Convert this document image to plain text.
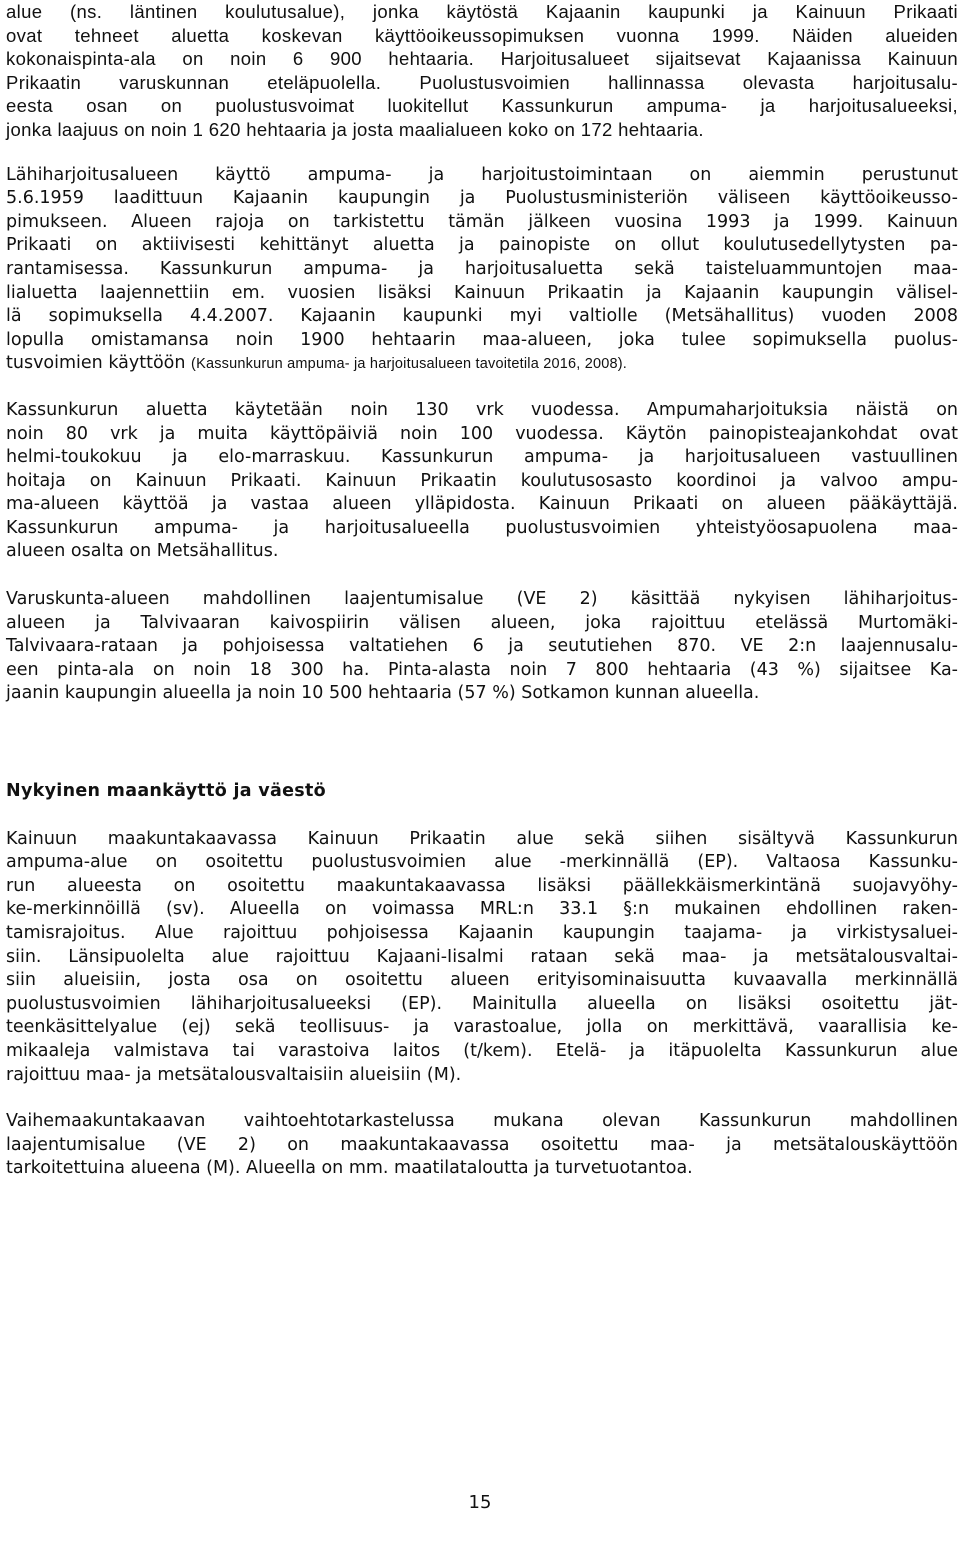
alue (ns. läntinen koulutusalue), jonka käytöstä Kajaanin kaupunki ja Kainuun Prikaati
ovat tehneet aluetta koskevan käyttöoikeussopimuksen vuonna 1999. Näiden alueiden
kokonaispinta-ala on noin 6 900 hehtaaria. Harjoitusalueet sijaitsevat Kajaanissa Kainuun
Prikaatin varuskunnan eteläpuolella. Puolustusvoimien hallinnassa olevasta harjoitusalu-
eesta osan on puolustusvoimat luokitellut Kassunkurun ampuma- ja harjoitusalueeksi,
jonka laajuus on noin 1 620 hehtaaria ja josta maalialueen koko on 172 hehtaaria.
Lähiharjoitusalueen käyttö ampuma- ja harjoitustoimintaan on aiemmin perustunut
5.6.1959 laadittuun Kajaanin kaupungin ja Puolustusministeriön väliseen käyttöoikeusso-
pimukseen. Alueen rajoja on tarkistettu tämän jälkeen vuosina 1993 ja 1999. Kainuun
Prikaati on aktiivisesti kehittänyt aluetta ja painopiste on ollut koulutusedellytysten pa-
rantamisessa. Kassunkurun ampuma- ja harjoitusaluetta sekä taisteluammuntojen maa-
lialuetta laajennettiin em. vuosien lisäksi Kainuun Prikaatin ja Kajaanin kaupungin välisel-
lä sopimuksella 4.4.2007. Kajaanin kaupunki myi valtiolle (Metsähallitus) vuoden 2008
lopulla omistamansa noin 1900 hehtaarin maa-alueen, joka tulee sopimuksella puolus-
tusvoimien käyttöön (Kassunkurun ampuma- ja harjoitusalueen tavoitetila 2016, 2008).
Kassunkurun aluetta käytetään noin 130 vrk vuodessa. Ampumaharjoituksia näistä on
noin 80 vrk ja muita käyttöpäiviä noin 100 vuodessa. Käytön painopisteajankohdat ovat
helmi-toukokuu ja elo-marraskuu. Kassunkurun ampuma- ja harjoitusalueen vastuullinen
hoitaja on Kainuun Prikaati. Kainuun Prikaatin koulutusosasto koordinoi ja valvoo ampu-
ma-alueen käyttöä ja vastaa alueen ylläpidosta. Kainuun Prikaati on alueen pääkäyttäjä.
Kassunkurun ampuma- ja harjoitusalueella puolustusvoimien yhteistyöosapuolena maa-
alueen osalta on Metsähallitus.
Varuskunta-alueen mahdollinen laajentumisalue (VE 2) käsittää nykyisen lähiharjoitus-
alueen ja Talvivaaran kaivospiirin välisen alueen, joka rajoittuu etelässä Murtomäki-
Talvivaara-rataan ja pohjoisessa valtatiehen 6 ja seututiehen 870. VE 2:n laajennusalu-
een pinta-ala on noin 18 300 ha. Pinta-alasta noin 7 800 hehtaaria (43 %) sijaitsee Ka-
jaanin kaupungin alueella ja noin 10 500 hehtaaria (57 %) Sotkamon kunnan alueella.
Nykyinen maankäyttö ja väestö
Kainuun maakuntakaavassa Kainuun Prikaatin alue sekä siihen sisältyvä Kassunkurun
ampuma-alue on osoitettu puolustusvoimien alue -merkinnällä (EP). Valtaosa Kassunku-
run alueesta on osoitettu maakuntakaavassa lisäksi päällekkäismerkintänä suojavyöhy-
ke-merkinnöillä (sv). Alueella on voimassa MRL:n 33.1 §:n mukainen ehdollinen raken-
tamisrajoitus. Alue rajoittuu pohjoisessa Kajaanin kaupungin taajama- ja virkistysaluei-
siin. Länsipuolelta alue rajoittuu Kajaani-Iisalmi rataan sekä maa- ja metsätalousvaltai-
siin alueisiin, josta osa on osoitettu alueen erityisominaisuutta kuvaavalla merkinnällä
puolustusvoimien lähiharjoitusalueeksi (EP). Mainitulla alueella on lisäksi osoitettu jät-
teenkäsittelyalue (ej) sekä teollisuus- ja varastoalue, jolla on merkittävä, vaarallisia ke-
mikaaleja valmistava tai varastoiva laitos (t/kem). Etelä- ja itäpuolelta Kassunkurun alue
rajoittuu maa- ja metsätalousvaltaisiin alueisiin (M).
Vaihemaakuntakaavan vaihtoehtotarkastelussa mukana olevan Kassunkurun mahdollinen
laajentumisalue (VE 2) on maakuntakaavassa osoitettu maa- ja metsätalouskäyttöön
tarkoitettuina alueena (M). Alueella on mm. maatilataloutta ja turvetuotantoa.
15
